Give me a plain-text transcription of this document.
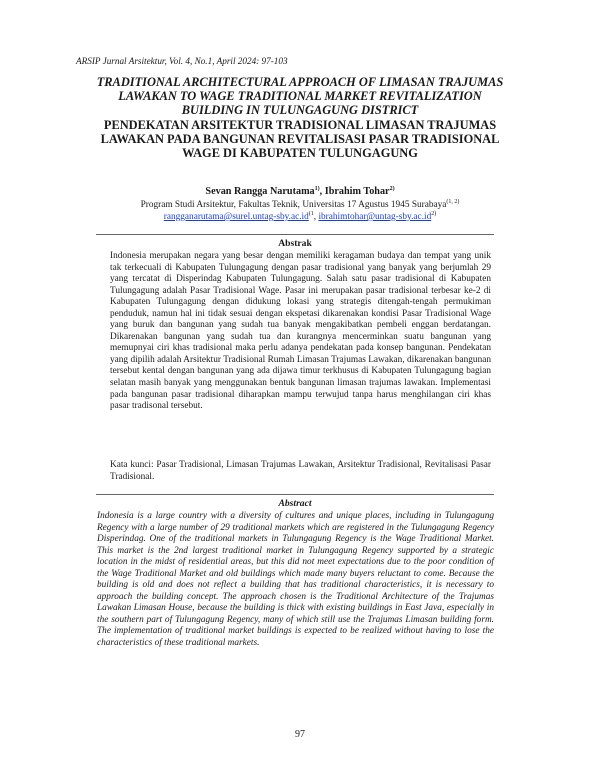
ARSIP Jurnal Arsitektur, Vol. 4, No.1, April 2024: 97-103

TRADITIONAL ARCHITECTURAL APPROACH OF LIMASAN TRAJUMAS
LAWAKAN TO WAGE TRADITIONAL MARKET REVITALIZATION
BUILDING IN TULUNGAGUNG DISTRICT

PENDEKATAN ARSITEKTUR TRADISIONAL LIMASAN TRAJUMAS
LAWAKAN PADA BANGUNAN REVITALISASI PASAR TRADISIONAL
WAGE DI KABUPATEN TULUNGAGUNG

Sevan Rangga Narutama$^{1)}$, Ibrahim Tohar$^{2)}$
Program Studi Arsitektur, Fakultas Teknik, Universitas 17 Agustus 1945 Surabaya$^{(1, 2)}$
$rangganarutama@surel.untag-sby.ac.id^{(1}$, $ibrahimtohar@untag-sby.ac.id^{2)}$
Abstrak

Indonesia merupakan negara yang besar dengan memiliki keragaman budaya dan tempat yang unik tak terkecuali di Kabupaten Tulungagung dengan pasar tradisional yang banyak yang berjumlah 29 yang tercatat di Disperindag Kabupaten Tulungagung. Salah satu pasar tradisional di Kabupaten Tulungagung adalah Pasar Tradisional Wage. Pasar ini merupakan pasar tradisional terbesar ke-2 di Kabupaten Tulungagung dengan didukung lokasi yang strategis ditengah-tengah permukiman penduduk, namun hal ini tidak sesuai dengan ekspetasi dikarenakan kondisi Pasar Tradisional Wage yang buruk dan bangunan yang sudah tua banyak mengakibatkan pembeli enggan berdatangan. Dikarenakan bangunan yang sudah tua dan kurangnya mencerminkan suatu bangunan yang memupnyai ciri khas tradisional maka perlu adanya pendekatan pada konsep bangunan. Pendekatan yang dipilih adalah Arsitektur Tradisional Rumah Limasan Trajumas Lawakan, dikarenakan bangunan tersebut kental dengan bangunan yang ada dijawa timur terkhusus di Kabupaten Tulungagung bagian selatan masih banyak yang menggunakan bentuk bangunan limasan trajumas lawakan. Implementasi pada bangunan pasar tradisional diharapkan mampu terwujud tanpa harus menghilangan ciri khas pasar tradisonal tersebut.

Kata kunci: Pasar Tradisional, Limasan Trajumas Lawakan, Arsitektur Tradisional, Revitalisasi Pasar Tradisional.

Abstract

Indonesia is a large country with a diversity of cultures and unique places, including in Tulungagung Regency with a large number of 29 traditional markets which are registered in the Tulungagung Regency Disperindag. One of the traditional markets in Tulungagung Regency is the Wage Traditional Market. This market is the 2nd largest traditional market in Tulungagung Regency supported by a strategic location in the midst of residential areas, but this did not meet expectations due to the poor condition of the Wage Traditional Market and old buildings which made many buyers reluctant to come. Because the building is old and does not reflect a building that has traditional characteristics, it is necessary to approach the building concept. The approach chosen is the Traditional Architecture of the Trajumas Lawakan Limasan House, because the building is thick with existing buildings in East Java, especially in the southern part of Tulungagung Regency, many of which still use the Trajumas Limasan building form. The implementation of traditional market buildings is expected to be realized without having to lose the characteristics of these traditional markets.

97
